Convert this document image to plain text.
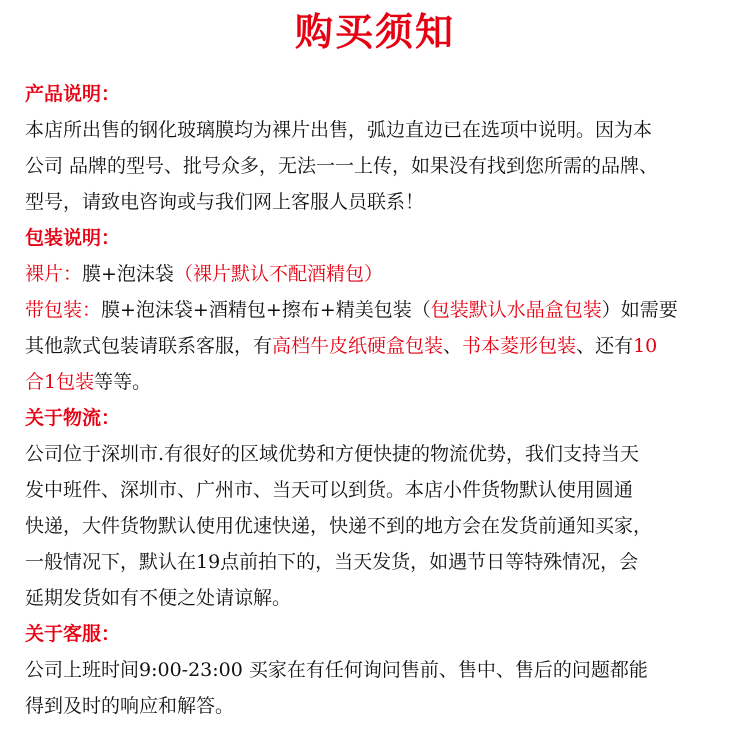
购买须知
产品说明：
本店所出售的钢化玻璃膜均为裸片出售，弧边直边已在选项中说明。因为本
公司 品牌的型号、批号众多，无法一一上传，如果没有找到您所需的品牌、
型号，请致电咨询或与我们网上客服人员联系！
包装说明：
裸片：膜+泡沫袋（裸片默认不配酒精包）
带包装：膜+泡沫袋+酒精包+擦布+精美包装（包装默认水晶盒包装）如需要
其他款式包装请联系客服，有高档牛皮纸硬盒包装、书本菱形包装、还有10
合1包装等等。
关于物流：
公司位于深圳市.有很好的区域优势和方便快捷的物流优势，我们支持当天
发中班件、深圳市、广州市、当天可以到货。本店小件货物默认使用圆通
快递，大件货物默认使用优速快递，快递不到的地方会在发货前通知买家，
一般情况下，默认在19点前拍下的，当天发货，如遇节日等特殊情况，会
延期发货如有不便之处请谅解。
关于客服：
公司上班时间9:00-23:00 买家在有任何询问售前、售中、售后的问题都能
得到及时的响应和解答。
